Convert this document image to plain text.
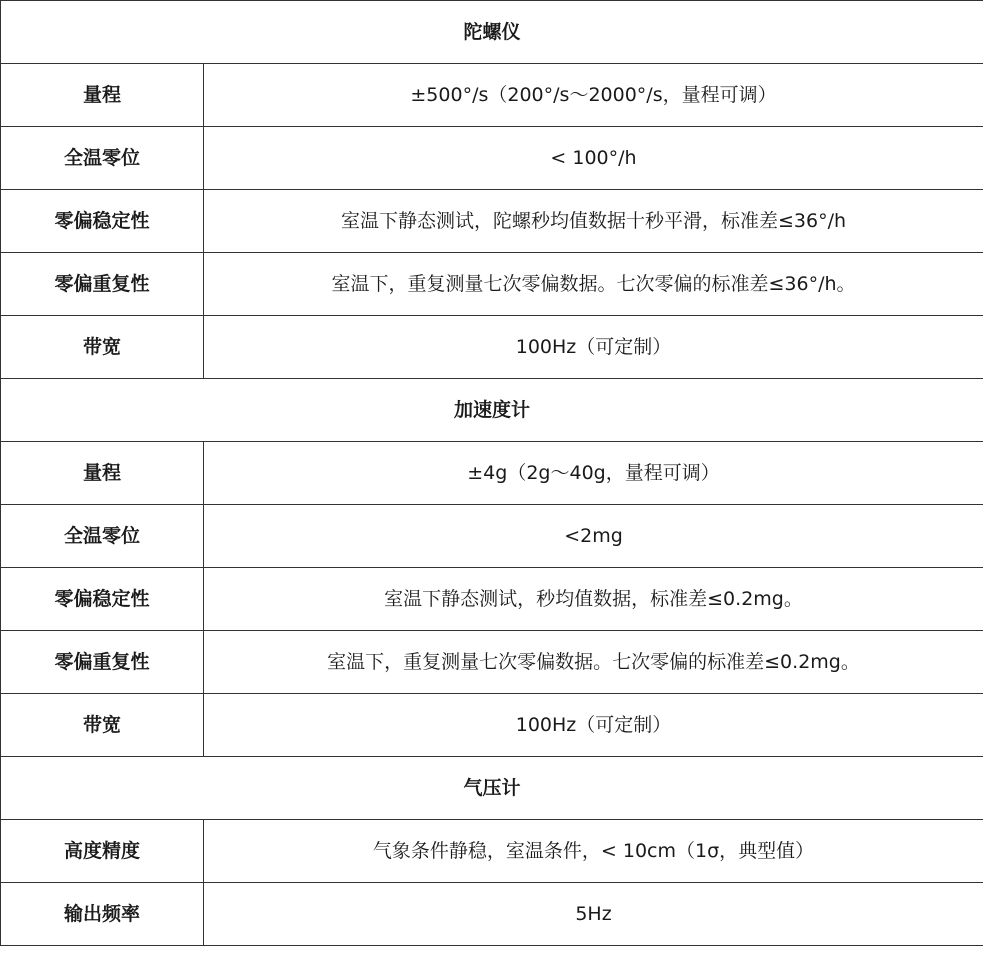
陀螺仪	
量程	±500°/s（200°/s～2000°/s，量程可调）
全温零位	< 100°/h
零偏稳定性	室温下静态测试，陀螺秒均值数据十秒平滑，标准差≤36°/h
零偏重复性	室温下，重复测量七次零偏数据。七次零偏的标准差≤36°/h。
带宽	100Hz（可定制）
加速度计	
量程	±4g（2g～40g，量程可调）
全温零位	<2mg
零偏稳定性	室温下静态测试，秒均值数据，标准差≤0.2mg。
零偏重复性	室温下，重复测量七次零偏数据。七次零偏的标准差≤0.2mg。
带宽	100Hz（可定制）
气压计	
高度精度	气象条件静稳，室温条件，< 10cm（1σ，典型值）
输出频率	5Hz
